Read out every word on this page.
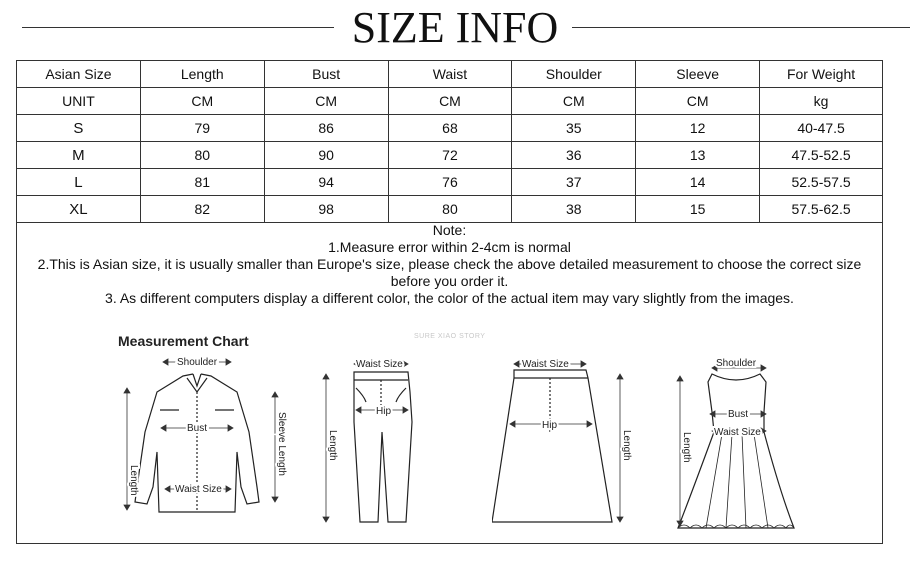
SIZE INFO
Asian Size	Length	Bust	Waist	Shoulder	Sleeve	For Weight
UNIT	CM	CM	CM	CM	CM	kg
S	79	86	68	35	12	40-47.5
M	80	90	72	36	13	47.5-52.5
L	81	94	76	37	14	52.5-57.5
XL	82	98	80	38	15	57.5-62.5
Note:
1.Measure error within 2-4cm is normal
2.This is Asian size, it is usually smaller than Europe's size, please check the above detailed measurement to choose the correct size
before you order it.
3. As different computers display a different color, the color of the actual item may vary slightly from the images.
Measurement Chart	SURE XIAO STORY
Shoulder
Bust
Waist Size
Length
Sleeve Length
Waist Size
Hip
Length
Waist Size
Hip
Length
Shoulder
Bust
Waist Size
Length
